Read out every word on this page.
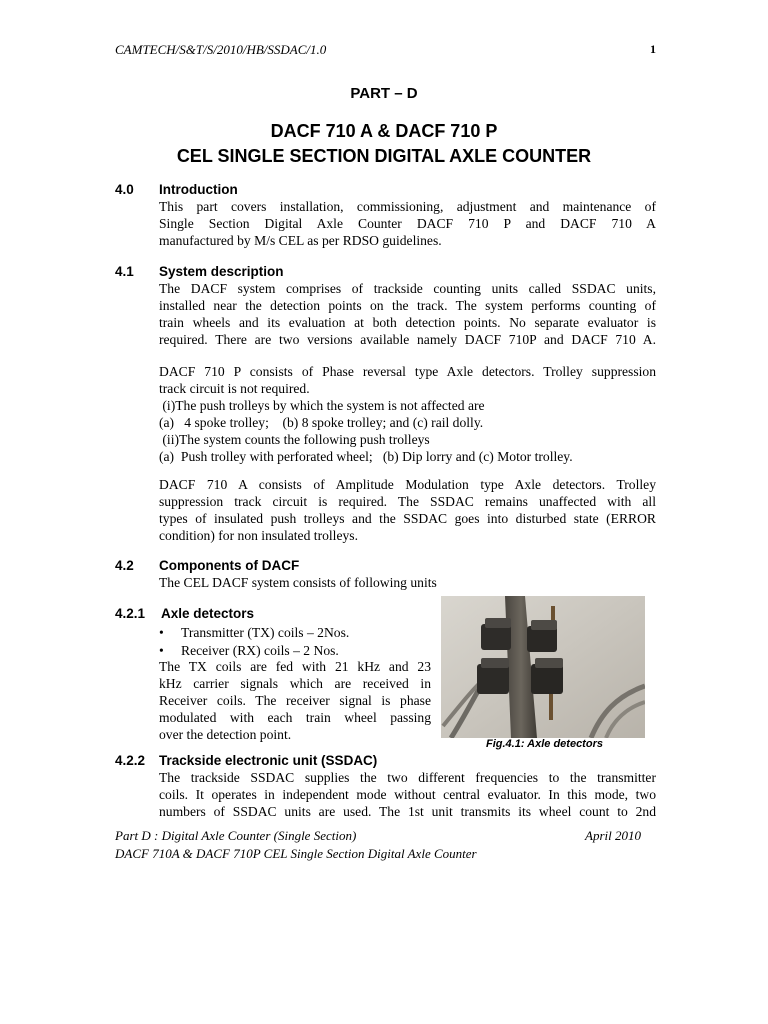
CAMTECH/S&T/S/2010/HB/SSDAC/1.0	1
PART – D
DACF 710 A & DACF 710 P
CEL SINGLE SECTION DIGITAL AXLE COUNTER
4.0 Introduction
This part covers installation, commissioning, adjustment and maintenance of
Single Section Digital Axle Counter DACF 710 P and DACF 710 A
manufactured by M/s CEL as per RDSO guidelines.
4.1 System description
The DACF system comprises of trackside counting units called SSDAC units,
installed near the detection points on the track. The system performs counting of
train wheels and its evaluation at both detection points. No separate evaluator is
required. There are two versions available namely DACF 710P and DACF 710 A.
DACF 710 P consists of Phase reversal type Axle detectors. Trolley suppression
track circuit is not required.
(i)The push trolleys by which the system is not affected are
(a)   4 spoke trolley;    (b) 8 spoke trolley; and (c) rail dolly.
(ii)The system counts the following push trolleys
(a)  Push trolley with perforated wheel;   (b) Dip lorry and (c) Motor trolley.
DACF 710 A consists of Amplitude Modulation type Axle detectors. Trolley
suppression track circuit is required. The SSDAC remains unaffected with all
types of insulated push trolleys and the SSDAC goes into disturbed state (ERROR
condition) for non insulated trolleys.
4.2 Components of DACF
The CEL DACF system consists of following units
4.2.1 Axle detectors
• Transmitter (TX) coils – 2Nos.
• Receiver (RX) coils – 2 Nos.
The TX coils are fed with 21 kHz and 23
kHz carrier signals which are received in
Receiver coils. The receiver signal is phase
modulated with each train wheel passing
over the detection point.
Fig.4.1: Axle detectors
4.2.2 Trackside electronic unit (SSDAC)
The trackside SSDAC supplies the two different frequencies to the transmitter
coils. It operates in independent mode without central evaluator. In this mode, two
numbers of SSDAC units are used. The 1st unit transmits its wheel count to 2nd
Part D : Digital Axle Counter (Single Section)	April 2010
DACF 710A & DACF 710P CEL Single Section Digital Axle Counter
